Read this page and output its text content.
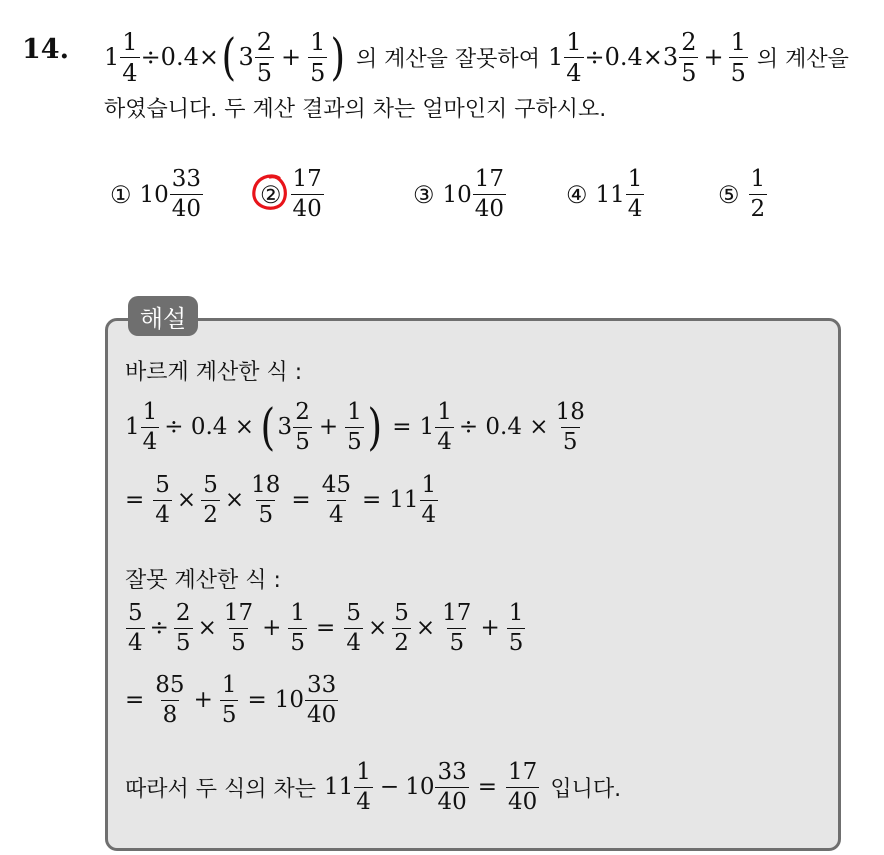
14. $1 \frac{1}{4} \div 0.4\times$ ( $3 \frac{2}{5} + \frac{1}{5}$ ) 의 계산을 잘못하여 $1 \frac{1}{4} \div 0.4\times 3 \frac{2}{5} + \frac{1}{5}$ 의 계산을
하였습니다. 두 계산 결과의 차는 얼마인지 구하시오.
① $10 \frac{33}{40}$ ② $\frac{17}{40}$	③ $10 \frac{17}{40}$ ④ $11 \frac{1}{4}$	⑤ $\frac{1}{2}$
해설
바르게 계산한 식 :
$1 \frac{1}{4} \div 0.4$ × ( $3 \frac{2}{5} + \frac{1}{5}$ ) = $1 \frac{1}{4} \div 0.4 \times \frac{18}{5}$
= $\frac{5}{4} \times \frac{5}{2} \times \frac{18}{5} = \frac{45}{4} = 11 \frac{1}{4}$
잘못 계산한 식 :
$\frac{5}{4} \div \frac{2}{5} \times \frac{17}{5} + \frac{1}{5} = \frac{5}{4} \times \frac{5}{2} \times \frac{17}{5} + \frac{1}{5}$
= $\frac{85}{8} + \frac{1}{5} = 10 \frac{33}{40}$
따라서 두 식의 차는 $11 \frac{1}{4} - 10 \frac{33}{40} = \frac{17}{40}$ 입니다.
